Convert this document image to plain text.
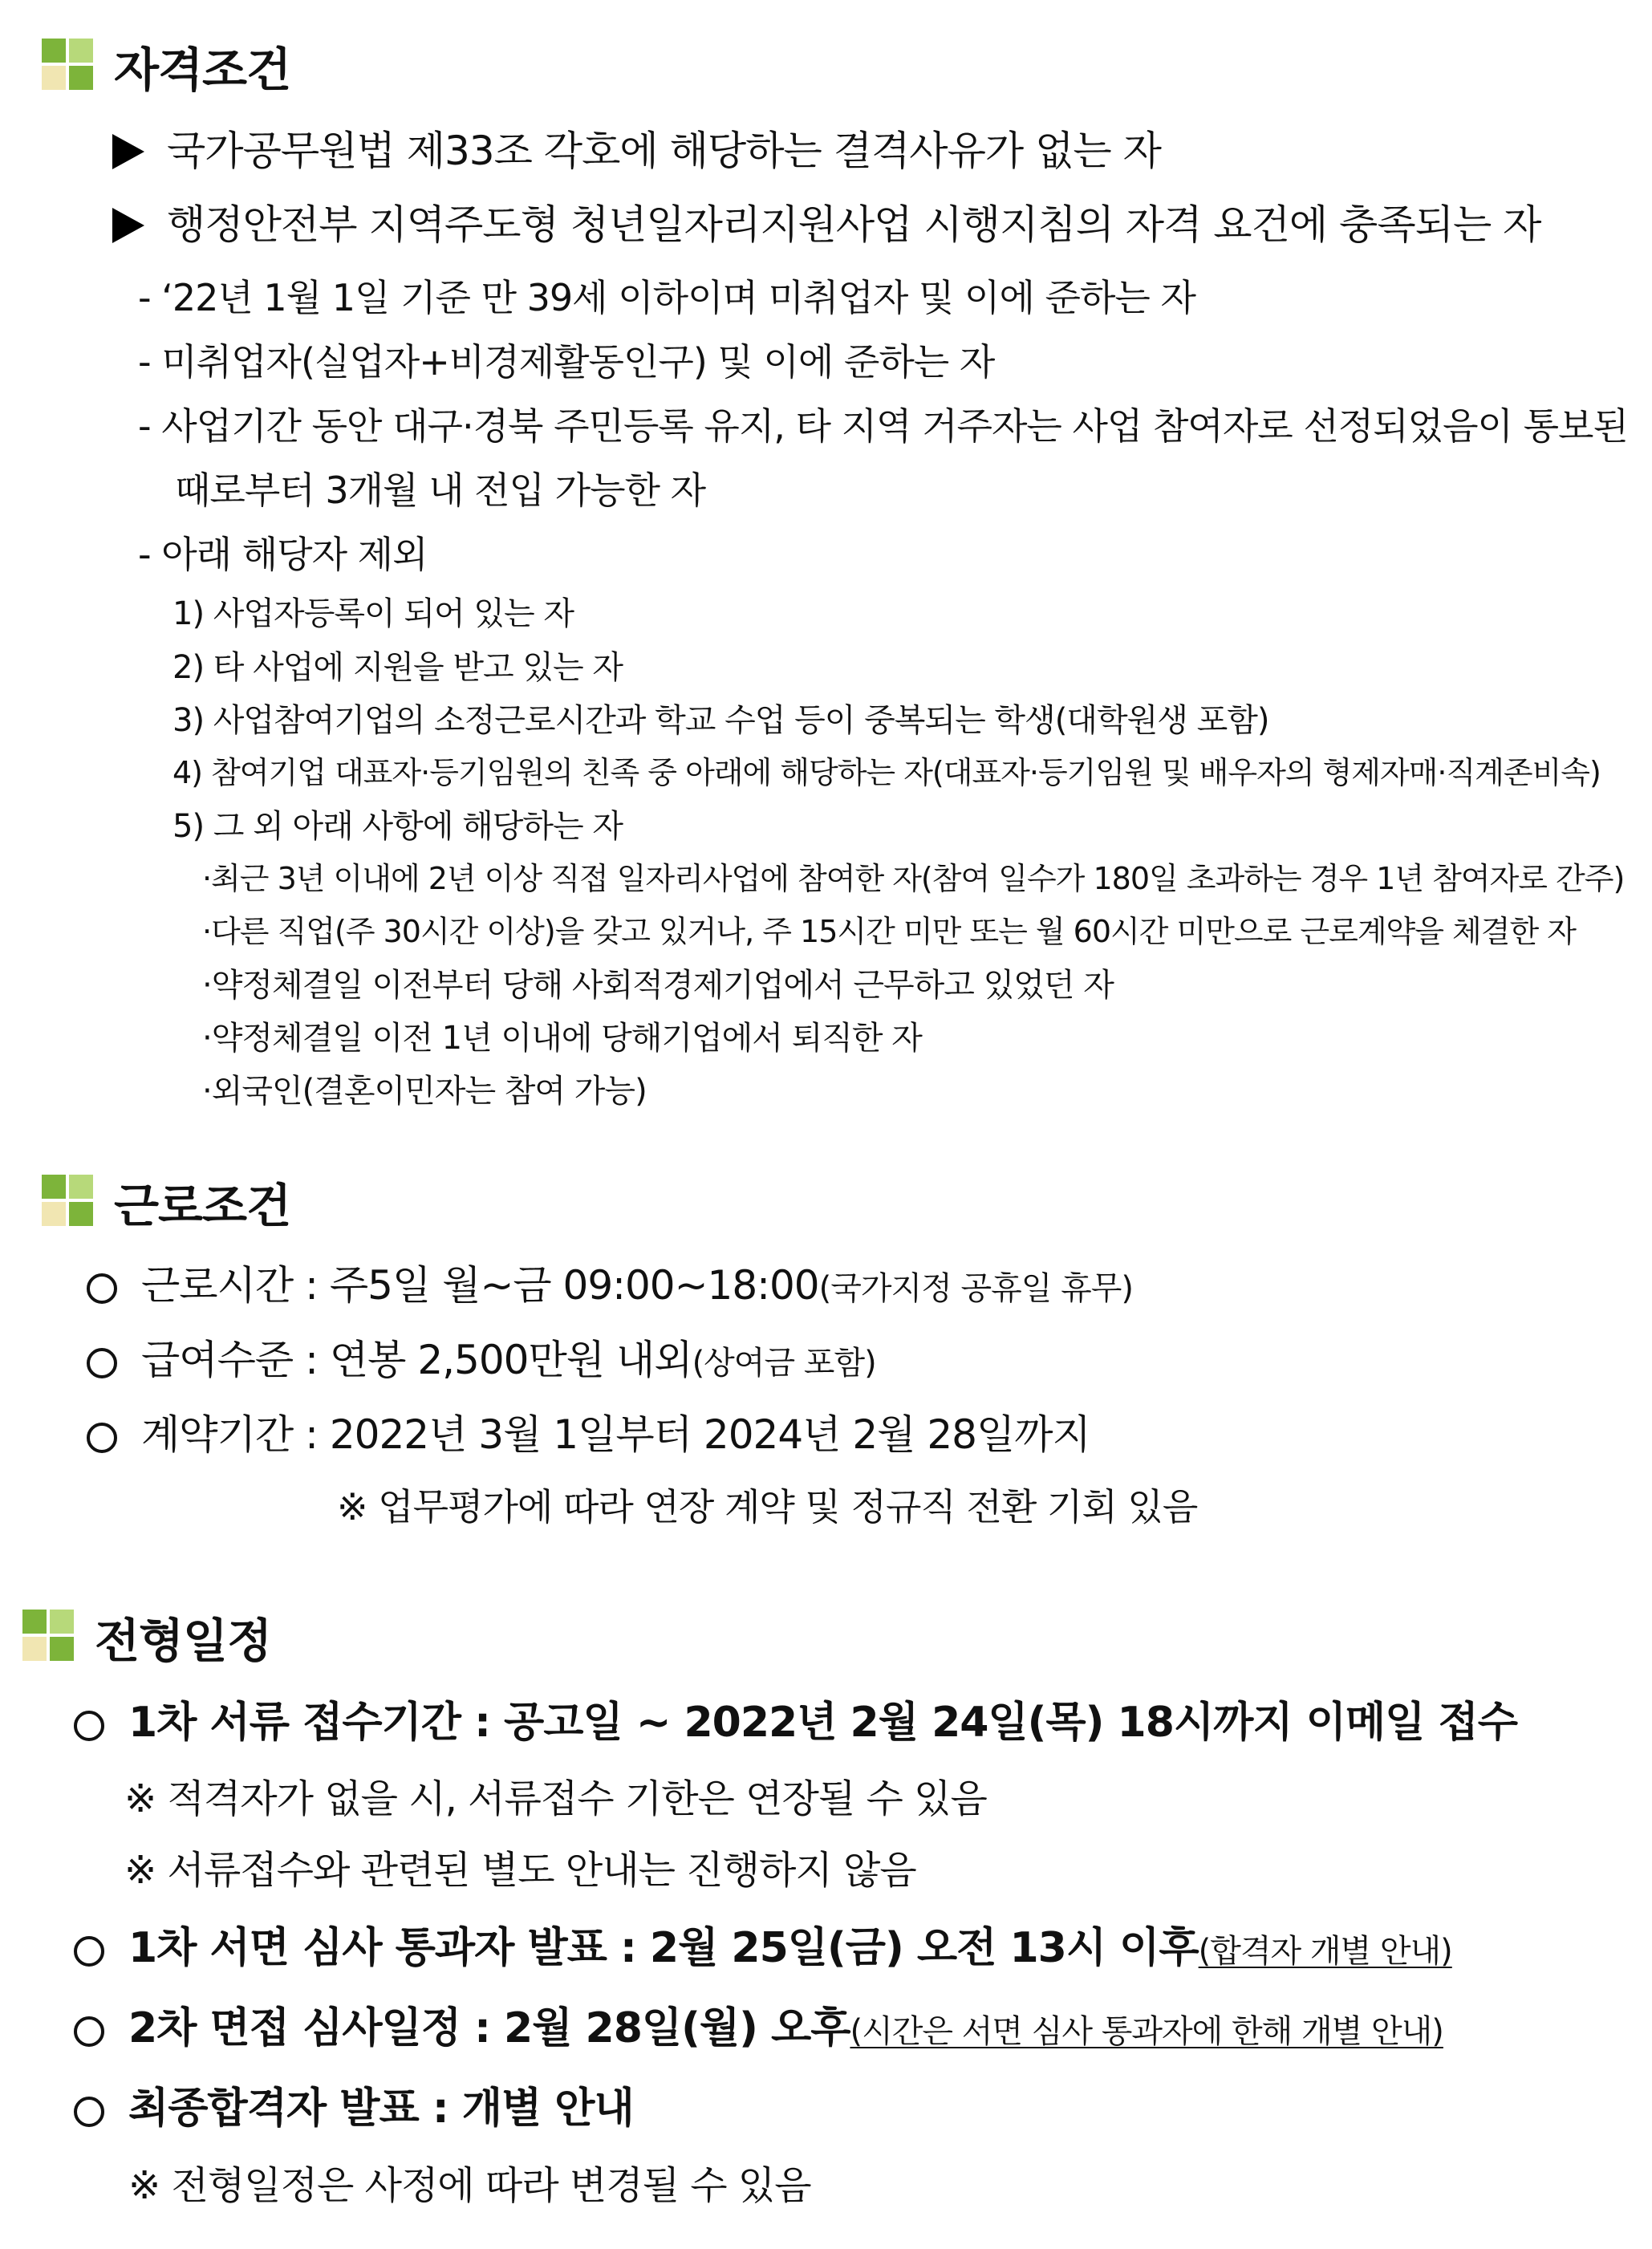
자격조건
국가공무원법 제33조 각호에 해당하는 결격사유가 없는 자
행정안전부 지역주도형 청년일자리지원사업 시행지침의 자격 요건에 충족되는 자
- ‘22년 1월 1일 기준 만 39세 이하이며 미취업자 및 이에 준하는 자
- 미취업자(실업자+비경제활동인구) 및 이에 준하는 자
- 사업기간 동안 대구·경북 주민등록 유지, 타 지역 거주자는 사업 참여자로 선정되었음이 통보된
때로부터 3개월 내 전입 가능한 자
- 아래 해당자 제외
1) 사업자등록이 되어 있는 자
2) 타 사업에 지원을 받고 있는 자
3) 사업참여기업의 소정근로시간과 학교 수업 등이 중복되는 학생(대학원생 포함)
4) 참여기업 대표자·등기임원의 친족 중 아래에 해당하는 자(대표자·등기임원 및 배우자의 형제자매·직계존비속)
5) 그 외 아래 사항에 해당하는 자
·최근 3년 이내에 2년 이상 직접 일자리사업에 참여한 자(참여 일수가 180일 초과하는 경우 1년 참여자로 간주)
·다른 직업(주 30시간 이상)을 갖고 있거나, 주 15시간 미만 또는 월 60시간 미만으로 근로계약을 체결한 자
·약정체결일 이전부터 당해 사회적경제기업에서 근무하고 있었던 자
·약정체결일 이전 1년 이내에 당해기업에서 퇴직한 자
·외국인(결혼이민자는 참여 가능)
근로조건
근로시간 : 주5일 월~금 09:00~18:00(국가지정 공휴일 휴무)
급여수준 : 연봉 2,500만원 내외(상여금 포함)
계약기간 : 2022년 3월 1일부터 2024년 2월 28일까지
※ 업무평가에 따라 연장 계약 및 정규직 전환 기회 있음
전형일정
1차 서류 접수기간 : 공고일 ~ 2022년 2월 24일(목) 18시까지 이메일 접수
※ 적격자가 없을 시, 서류접수 기한은 연장될 수 있음
※ 서류접수와 관련된 별도 안내는 진행하지 않음
1차 서면 심사 통과자 발표 : 2월 25일(금) 오전 13시 이후(합격자 개별 안내)
2차 면접 심사일정 : 2월 28일(월) 오후(시간은 서면 심사 통과자에 한해 개별 안내)
최종합격자 발표 : 개별 안내
※ 전형일정은 사정에 따라 변경될 수 있음
